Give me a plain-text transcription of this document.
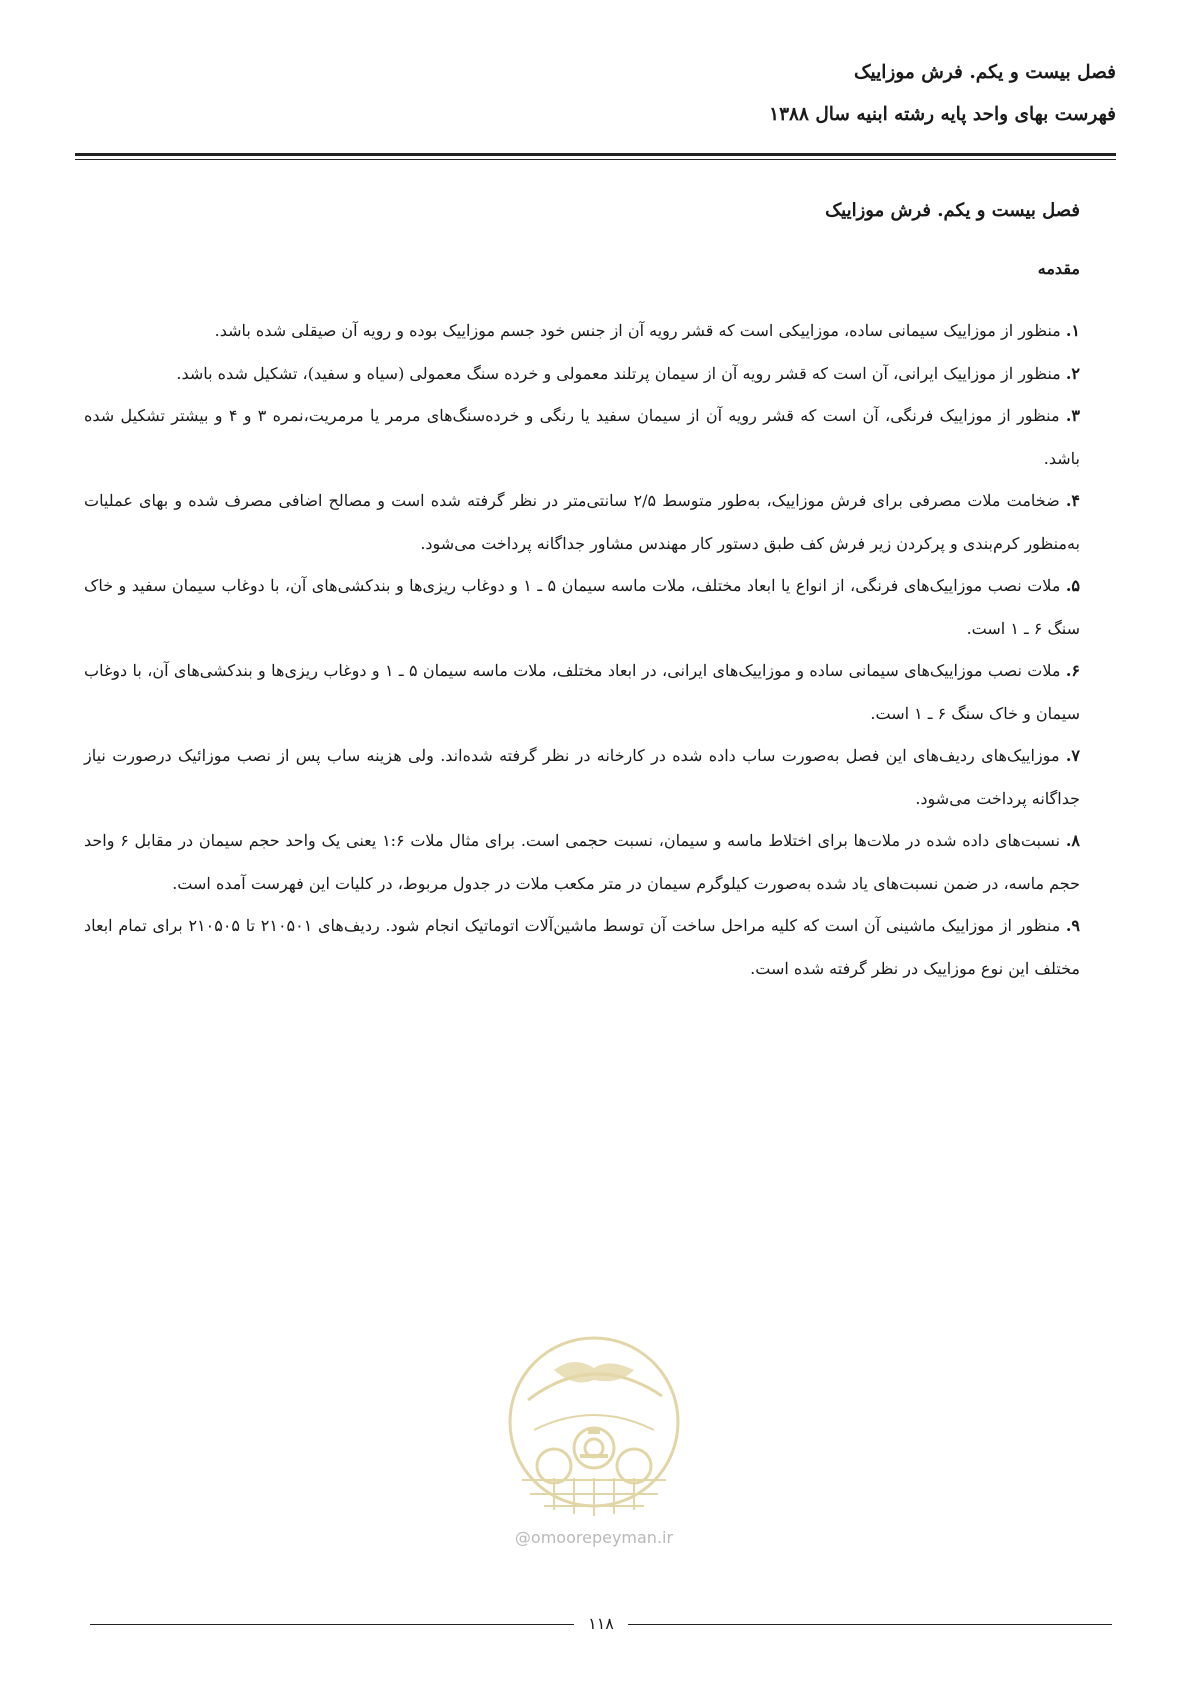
فصل بیست و یکم. فرش موزاییک
فهرست بهای واحد پایه رشته ابنیه سال ۱۳۸۸
فصل بیست و یکم. فرش موزاییک
مقدمه
۱. منظور از موزاییک سیمانی ساده، موزاییکی است که قشر رویه آن از جنس خود جسم موزاییک بوده و رویه آن صیقلی شده باشد.
۲. منظور از موزاییک ایرانی، آن است که قشر رویه آن از سیمان پرتلند معمولی و خرده سنگ معمولی (سیاه و سفید)، تشکیل شده باشد.
۳. منظور از موزاییک فرنگی، آن است که قشر رویه آن از سیمان سفید یا رنگی و خرده‌سنگ‌های مرمر یا مرمریت،نمره ۳ و ۴ و بیشتر تشکیل شده باشد.
۴. ضخامت ملات مصرفی برای فرش موزاییک، به‌طور متوسط ۲/۵ سانتی‌متر در نظر گرفته شده است و مصالح اضافی مصرف شده و بهای عملیات به‌منظور کرم‌بندی و پرکردن زیر فرش کف طبق دستور کار مهندس مشاور جداگانه پرداخت می‌شود.
۵. ملات نصب موزاییک‌های فرنگی، از انواع یا ابعاد مختلف، ملات ماسه سیمان ۵ ـ ۱ و دوغاب ریزی‌ها و بندکشی‌های آن، با دوغاب سیمان سفید و خاک سنگ ۶ ـ ۱ است.
۶. ملات نصب موزاییک‌های سیمانی ساده و موزاییک‌های ایرانی، در ابعاد مختلف، ملات ماسه سیمان ۵ ـ ۱ و دوغاب ریزی‌ها و بندکشی‌های آن، با دوغاب سیمان و خاک سنگ ۶ ـ ۱ است.
۷. موزاییک‌های ردیف‌های این فصل به‌صورت ساب داده شده در کارخانه در نظر گرفته شده‌اند. ولی هزینه ساب پس از نصب موزائیک درصورت نیاز جداگانه پرداخت می‌شود.
۸. نسبت‌های داده شده در ملات‌ها برای اختلاط ماسه و سیمان، نسبت حجمی است. برای مثال ملات ۱:۶ یعنی یک واحد حجم سیمان در مقابل ۶ واحد حجم ماسه، در ضمن نسبت‌های یاد شده به‌صورت کیلوگرم سیمان در متر مکعب ملات در جدول مربوط، در کلیات این فهرست آمده است.
۹. منظور از موزاییک ماشینی آن است که کلیه مراحل ساخت آن توسط ماشین‌آلات اتوماتیک انجام شود. ردیف‌های ۲۱۰۵۰۱ تا ۲۱۰۵۰۵ برای تمام ابعاد مختلف این نوع موزاییک در نظر گرفته شده است.
@omoorepeyman.ir
۱۱۸
